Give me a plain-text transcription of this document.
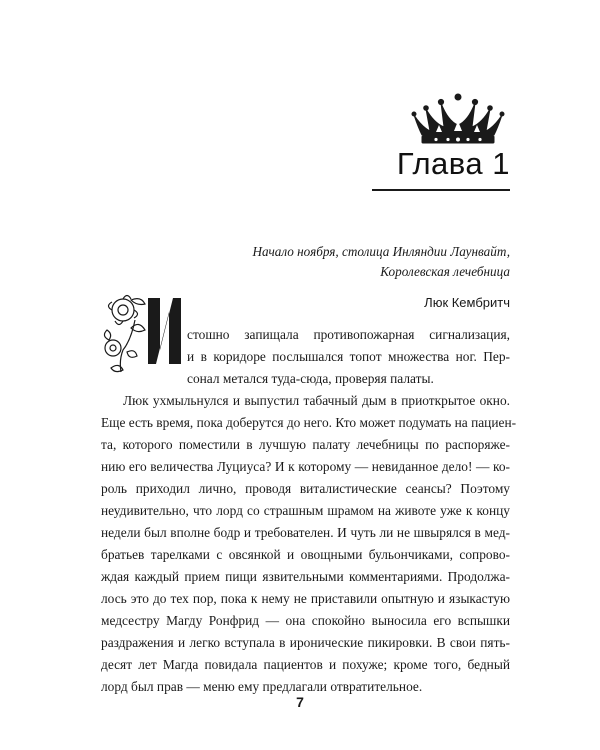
Глава 1
Начало ноября, столица Инляндии Лаунвайт,
Королевская лечебница
Люк Кембритч
И
стошно запищала противопожарная сигнализация,
и в коридоре послышался топот множества ног. Пер-
сонал метался туда-сюда, проверяя палаты.
Люк ухмыльнулся и выпустил табачный дым в приоткрытое окно.
Еще есть время, пока доберутся до него. Кто может подумать на пациен-
та, которого поместили в лучшую палату лечебницы по распоряже-
нию его величества Луциуса? И к которому — невиданное дело! — ко-
роль приходил лично, проводя виталистические сеансы? Поэтому
неудивительно, что лорд со страшным шрамом на животе уже к концу
недели был вполне бодр и требователен. И чуть ли не швырялся в мед-
братьев тарелками с овсянкой и овощными бульончиками, сопрово-
ждая каждый прием пищи язвительными комментариями. Продолжа-
лось это до тех пор, пока к нему не приставили опытную и языкастую
медсестру Магду Ронфрид — она спокойно выносила его вспышки
раздражения и легко вступала в иронические пикировки. В свои пять-
десят лет Магда повидала пациентов и похуже; кроме того, бедный
лорд был прав — меню ему предлагали отвратительное.
7
